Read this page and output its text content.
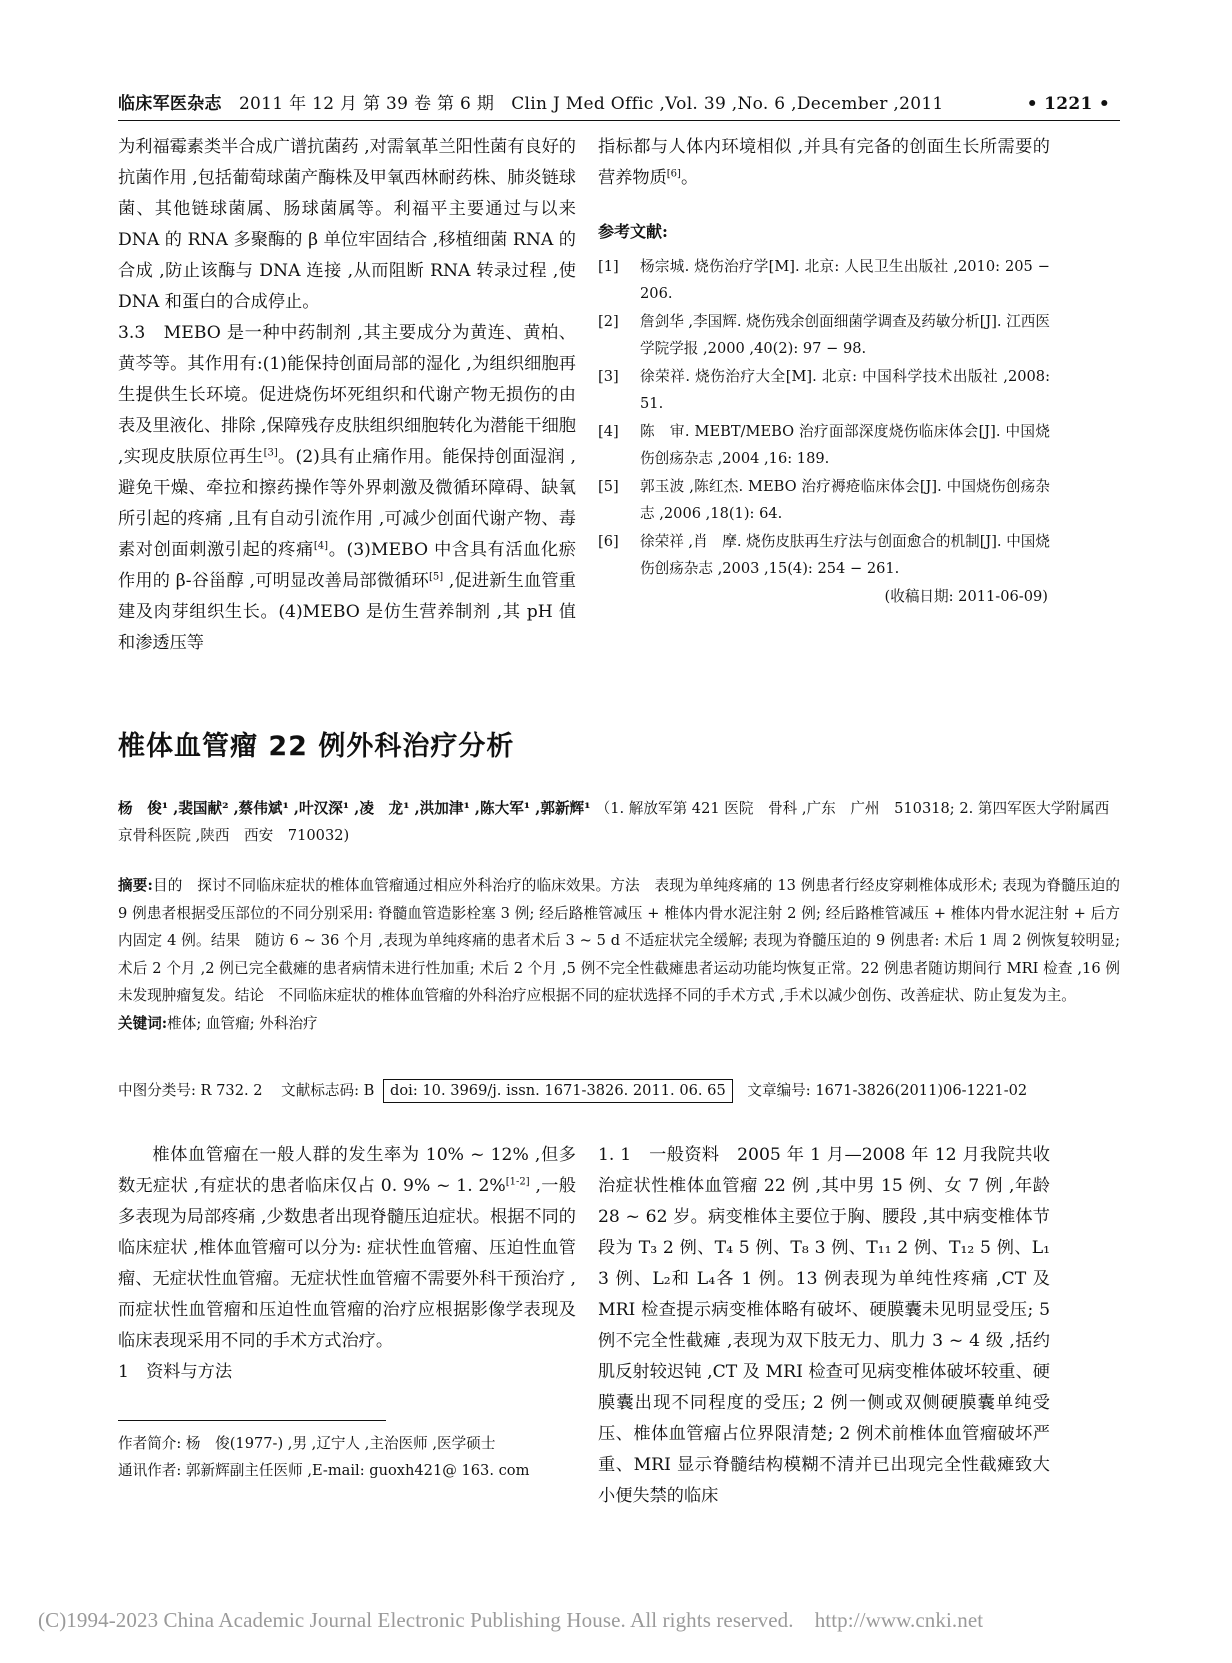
临床军医杂志 2011 年 12 月 第 39 卷 第 6 期 Clin J Med Offic ,Vol. 39 ,No. 6 ,December ,2011	• 1221 •

为利福霉素类半合成广谱抗菌药 ,对需氧革兰阳性菌有良好的抗菌作用 ,包括葡萄球菌产酶株及甲氧西林耐药株、肺炎链球菌、其他链球菌属、肠球菌属等。利福平主要通过与以来 DNA 的 RNA 多聚酶的 β 单位牢固结合 ,移植细菌 RNA 的合成 ,防止该酶与 DNA 连接 ,从而阻断 RNA 转录过程 ,使 DNA 和蛋白的合成停止。

3.3　MEBO 是一种中药制剂 ,其主要成分为黄连、黄柏、黄芩等。其作用有:(1)能保持创面局部的湿化 ,为组织细胞再生提供生长环境。促进烧伤坏死组织和代谢产物无损伤的由表及里液化、排除 ,保障残存皮肤组织细胞转化为潜能干细胞 ,实现皮肤原位再生[3]。(2)具有止痛作用。能保持创面湿润 ,避免干燥、牵拉和擦药操作等外界刺激及微循环障碍、缺氧所引起的疼痛 ,且有自动引流作用 ,可减少创面代谢产物、毒素对创面刺激引起的疼痛[4]。(3)MEBO 中含具有活血化瘀作用的 β-谷甾醇 ,可明显改善局部微循环[5] ,促进新生血管重建及肉芽组织生长。(4)MEBO 是仿生营养制剂 ,其 pH 值和渗透压等

指标都与人体内环境相似 ,并具有完备的创面生长所需要的营养物质[6]。

参考文献:
[1] 杨宗城. 烧伤治疗学[M]. 北京: 人民卫生出版社 ,2010: 205 − 206.
[2] 詹剑华 ,李国辉. 烧伤残余创面细菌学调查及药敏分析[J]. 江西医学院学报 ,2000 ,40(2): 97 − 98.
[3] 徐荣祥. 烧伤治疗大全[M]. 北京: 中国科学技术出版社 ,2008: 51.
[4] 陈　审. MEBT/MEBO 治疗面部深度烧伤临床体会[J]. 中国烧伤创疡杂志 ,2004 ,16: 189.
[5] 郭玉波 ,陈红杰. MEBO 治疗褥疮临床体会[J]. 中国烧伤创疡杂志 ,2006 ,18(1): 64.
[6] 徐荣祥 ,肖　摩. 烧伤皮肤再生疗法与创面愈合的机制[J]. 中国烧伤创疡杂志 ,2003 ,15(4): 254 − 261.
(收稿日期: 2011-06-09)
椎体血管瘤 22 例外科治疗分析
杨　俊¹ ,裴国献² ,蔡伟斌¹ ,叶汉深¹ ,凌　龙¹ ,洪加津¹ ,陈大军¹ ,郭新辉¹ （1. 解放军第 421 医院　骨科 ,广东　广州　510318; 2. 第四军医大学附属西京骨科医院 ,陕西　西安　710032)
摘要:目的　探讨不同临床症状的椎体血管瘤通过相应外科治疗的临床效果。方法　表现为单纯疼痛的 13 例患者行经皮穿刺椎体成形术; 表现为脊髓压迫的 9 例患者根据受压部位的不同分别采用: 脊髓血管造影栓塞 3 例; 经后路椎管减压 + 椎体内骨水泥注射 2 例; 经后路椎管减压 + 椎体内骨水泥注射 + 后方内固定 4 例。结果　随访 6 ~ 36 个月 ,表现为单纯疼痛的患者术后 3 ~ 5 d 不适症状完全缓解; 表现为脊髓压迫的 9 例患者: 术后 1 周 2 例恢复较明显; 术后 2 个月 ,2 例已完全截瘫的患者病情未进行性加重; 术后 2 个月 ,5 例不完全性截瘫患者运动功能均恢复正常。22 例患者随访期间行 MRI 检查 ,16 例未发现肿瘤复发。结论　不同临床症状的椎体血管瘤的外科治疗应根据不同的症状选择不同的手术方式 ,手术以减少创伤、改善症状、防止复发为主。
关键词:椎体; 血管瘤; 外科治疗
中图分类号: R 732. 2 文献标志码: B doi: 10. 3969/j. issn. 1671-3826. 2011. 06. 65 文章编号: 1671-3826(2011)06-1221-02

椎体血管瘤在一般人群的发生率为 10% ~ 12% ,但多数无症状 ,有症状的患者临床仅占 0. 9% ~ 1. 2%[1-2] ,一般多表现为局部疼痛 ,少数患者出现脊髓压迫症状。根据不同的临床症状 ,椎体血管瘤可以分为: 症状性血管瘤、压迫性血管瘤、无症状性血管瘤。无症状性血管瘤不需要外科干预治疗 ,而症状性血管瘤和压迫性血管瘤的治疗应根据影像学表现及临床表现采用不同的手术方式治疗。

1　资料与方法

作者简介: 杨　俊(1977-) ,男 ,辽宁人 ,主治医师 ,医学硕士
通讯作者: 郭新辉副主任医师 ,E-mail: guoxh421@ 163. com

1. 1　一般资料　2005 年 1 月—2008 年 12 月我院共收治症状性椎体血管瘤 22 例 ,其中男 15 例、女 7 例 ,年龄 28 ~ 62 岁。病变椎体主要位于胸、腰段 ,其中病变椎体节段为 T₃ 2 例、T₄ 5 例、T₈ 3 例、T₁₁ 2 例、T₁₂ 5 例、L₁ 3 例、L₂和 L₄各 1 例。13 例表现为单纯性疼痛 ,CT 及 MRI 检查提示病变椎体略有破坏、硬膜囊未见明显受压; 5 例不完全性截瘫 ,表现为双下肢无力、肌力 3 ~ 4 级 ,括约肌反射较迟钝 ,CT 及 MRI 检查可见病变椎体破坏较重、硬膜囊出现不同程度的受压; 2 例一侧或双侧硬膜囊单纯受压、椎体血管瘤占位界限清楚; 2 例术前椎体血管瘤破坏严重、MRI 显示脊髓结构模糊不清并已出现完全性截瘫致大小便失禁的临床

(C)1994-2023 China Academic Journal Electronic Publishing House. All rights reserved.　http://www.cnki.net
